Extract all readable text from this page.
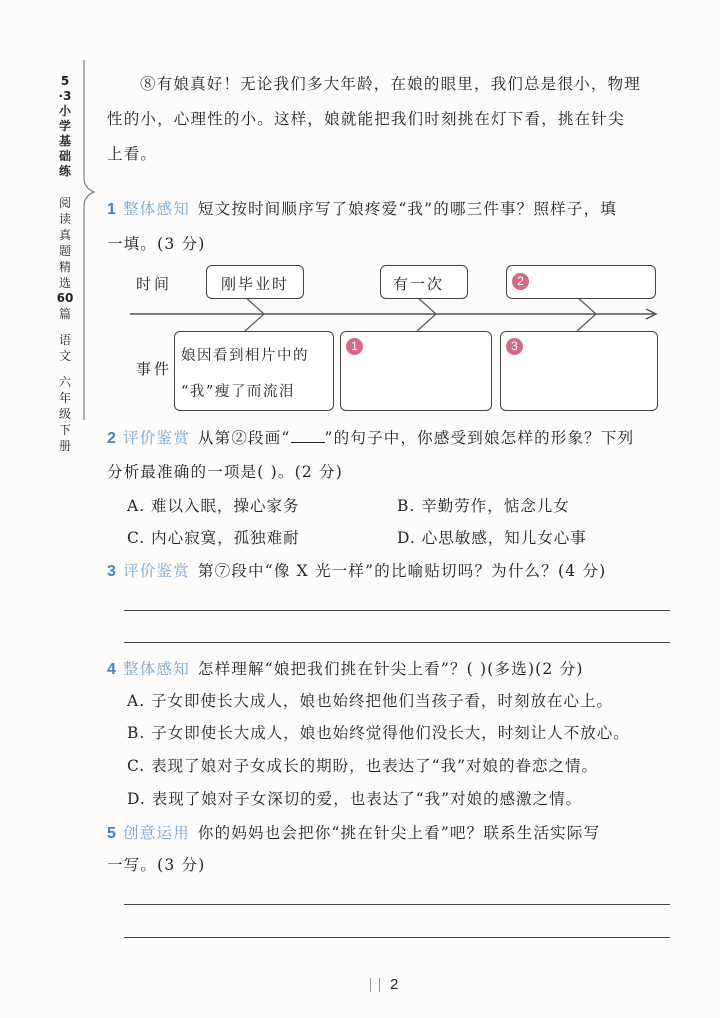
5
·3
小
学
基
础
练
阅
读
真
题
精
选
60
篇
语
文
六
年
级
下
册
⑧有娘真好！无论我们多大年龄，在娘的眼里，我们总是很小，物理
性的小，心理性的小。这样，娘就能把我们时刻挑在灯下看，挑在针尖
上看。
1 整体感知 短文按时间顺序写了娘疼爱“我”的哪三件事？照样子，填
一填。(3 分)
时间
事件
刚毕业时	有一次	2
娘因看到相片中的
“我”瘦了而流泪
1	3
2 评价鉴赏 从第②段画“ ”的句子中，你感受到娘怎样的形象？下列
分析最准确的一项是( )。(2 分)
A. 难以入眠，操心家务	B. 辛勤劳作，惦念儿女
C. 内心寂寞，孤独难耐	D. 心思敏感，知儿女心事
3 评价鉴赏 第⑦段中“像 X 光一样”的比喻贴切吗？为什么？(4 分)
4 整体感知 怎样理解“娘把我们挑在针尖上看”？( )(多选)(2 分)
A. 子女即使长大成人，娘也始终把他们当孩子看，时刻放在心上。
B. 子女即使长大成人，娘也始终觉得他们没长大，时刻让人不放心。
C. 表现了娘对子女成长的期盼，也表达了“我”对娘的眷恋之情。
D. 表现了娘对子女深切的爱，也表达了“我”对娘的感激之情。
5 创意运用 你的妈妈也会把你“挑在针尖上看”吧？联系生活实际写
一写。(3 分)
2
